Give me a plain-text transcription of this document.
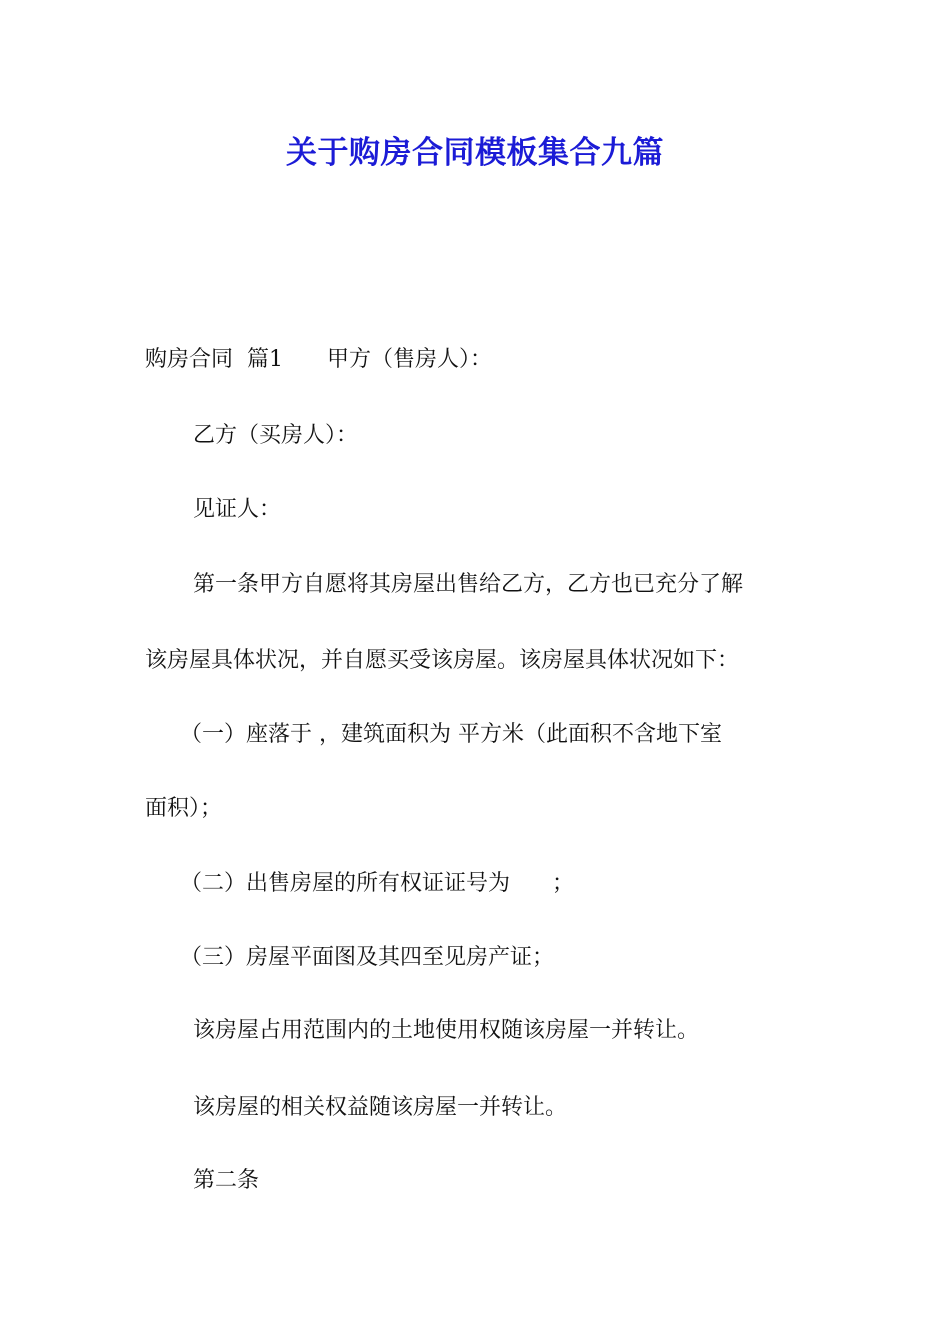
关于购房合同模板集合九篇

购房合同 篇1 甲方（售房人）：

乙方（买房人）：

见证人：

第一条甲方自愿将其房屋出售给乙方，乙方也已充分了解

该房屋具体状况，并自愿买受该房屋。该房屋具体状况如下：

（一）座落于 ，建筑面积为 平方米（此面积不含地下室

面积）；

（二）出售房屋的所有权证证号为 ；

（三）房屋平面图及其四至见房产证；

该房屋占用范围内的土地使用权随该房屋一并转让。

该房屋的相关权益随该房屋一并转让。

第二条
